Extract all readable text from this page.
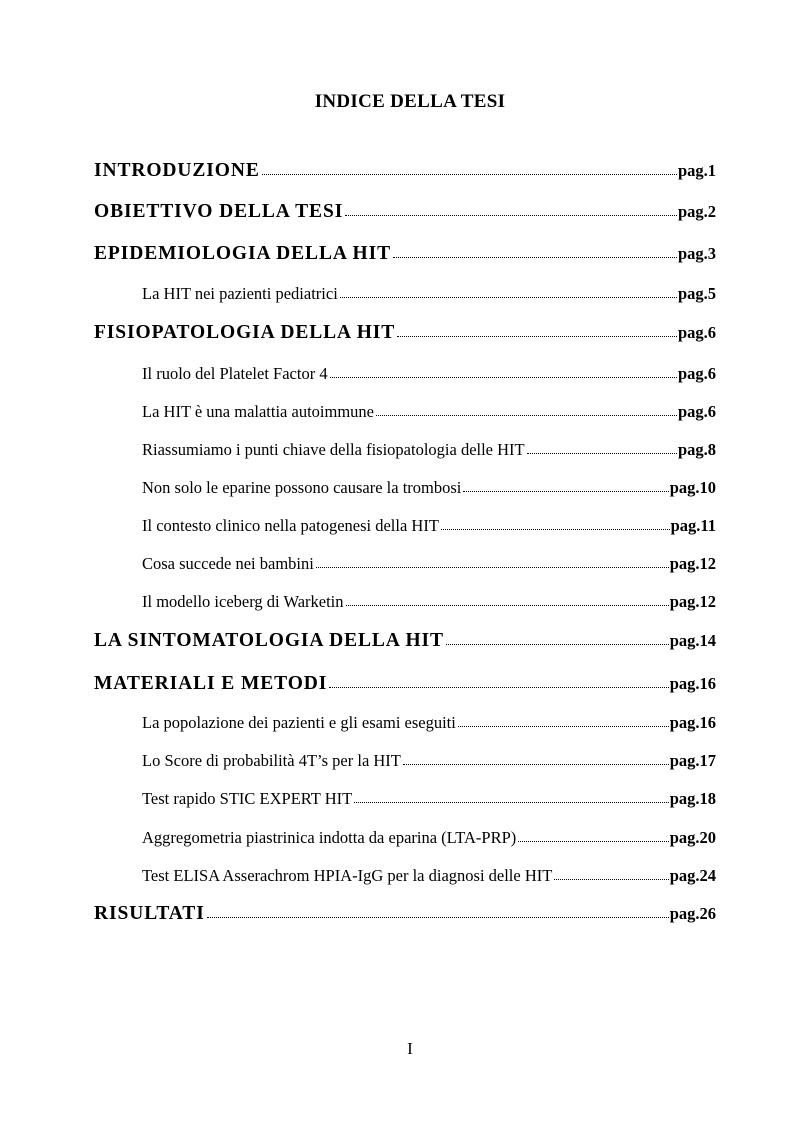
INDICE DELLA TESI
INTRODUZIONE	pag.1
OBIETTIVO DELLA TESI	pag.2
EPIDEMIOLOGIA DELLA HIT	pag.3
La HIT nei pazienti pediatrici	pag.5
FISIOPATOLOGIA DELLA HIT	pag.6
Il ruolo del Platelet Factor 4	pag.6
La HIT è una malattia autoimmune	pag.6
Riassumiamo i punti chiave della fisiopatologia delle HIT	pag.8
Non solo le eparine possono causare la trombosi	pag.10
Il contesto clinico nella patogenesi della HIT	pag.11
Cosa succede nei bambini	pag.12
Il modello iceberg di Warketin	pag.12
LA SINTOMATOLOGIA DELLA HIT	pag.14
MATERIALI E METODI	pag.16
La popolazione dei pazienti e gli esami eseguiti	pag.16
Lo Score di probabilità 4T’s per la HIT	pag.17
Test rapido STIC EXPERT HIT	pag.18
Aggregometria piastrinica indotta da eparina (LTA-PRP)	pag.20
Test ELISA Asserachrom HPIA-IgG per la diagnosi delle HIT	pag.24
RISULTATI	pag.26
I
